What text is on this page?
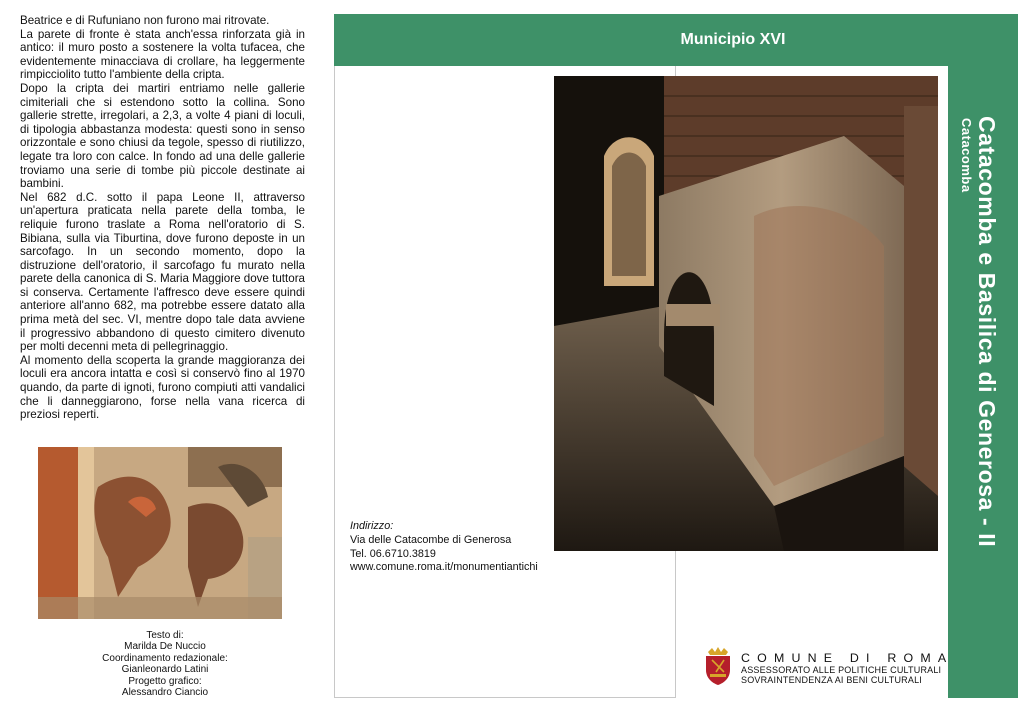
Beatrice e di Rufuniano non furono mai ritrovate.

La parete di fronte è stata anch'essa rinforzata già in antico: il muro posto a sostenere la volta tufacea, che evidentemente minacciava di crollare, ha leggermente rimpicciolito tutto l'ambiente della cripta.

Dopo la cripta dei martiri entriamo nelle gallerie cimiteriali che si estendono sotto la collina. Sono gallerie strette, irregolari, a 2,3, a volte 4 piani di loculi, di tipologia abbastanza modesta: questi sono in senso orizzontale e sono chiusi da tegole, spesso di riutilizzo, legate tra loro con calce. In fondo ad una delle gallerie troviamo una serie di tombe più piccole destinate ai bambini.

Nel 682 d.C. sotto il papa Leone II, attraverso un'apertura praticata nella parete della tomba, le reliquie furono traslate a Roma nell'oratorio di S. Bibiana, sulla via Tiburtina, dove furono deposte in un sarcofago. In un secondo momento, dopo la distruzione dell'oratorio, il sarcofago fu murato nella parete della canonica di S. Maria Maggiore dove tuttora si conserva. Certamente l'affresco deve essere quindi anteriore all'anno 682, ma potrebbe essere datato alla prima metà del sec. VI, mentre dopo tale data avviene il progressivo abbandono di questo cimitero divenuto per molti decenni meta di pellegrinaggio.

Al momento della scoperta la grande maggioranza dei loculi era ancora intatta e così si conservò fino al 1970 quando, da parte di ignoti, furono compiuti atti vandalici che li danneggiarono, forse nella vana ricerca di preziosi reperti.

Testo di:
Marilda De Nuccio
Coordinamento redazionale:
Gianleonardo Latini
Progetto grafico:
Alessandro Ciancio
Municipio XVI
Catacomba e Basilica di Generosa - II
Catacomba
Indirizzo:
Via delle Catacombe di Generosa
Tel. 06.6710.3819
www.comune.roma.it/monumentiantichi
COMUNE DI ROMA
ASSESSORATO ALLE POLITICHE CULTURALI
SOVRAINTENDENZA AI BENI CULTURALI
